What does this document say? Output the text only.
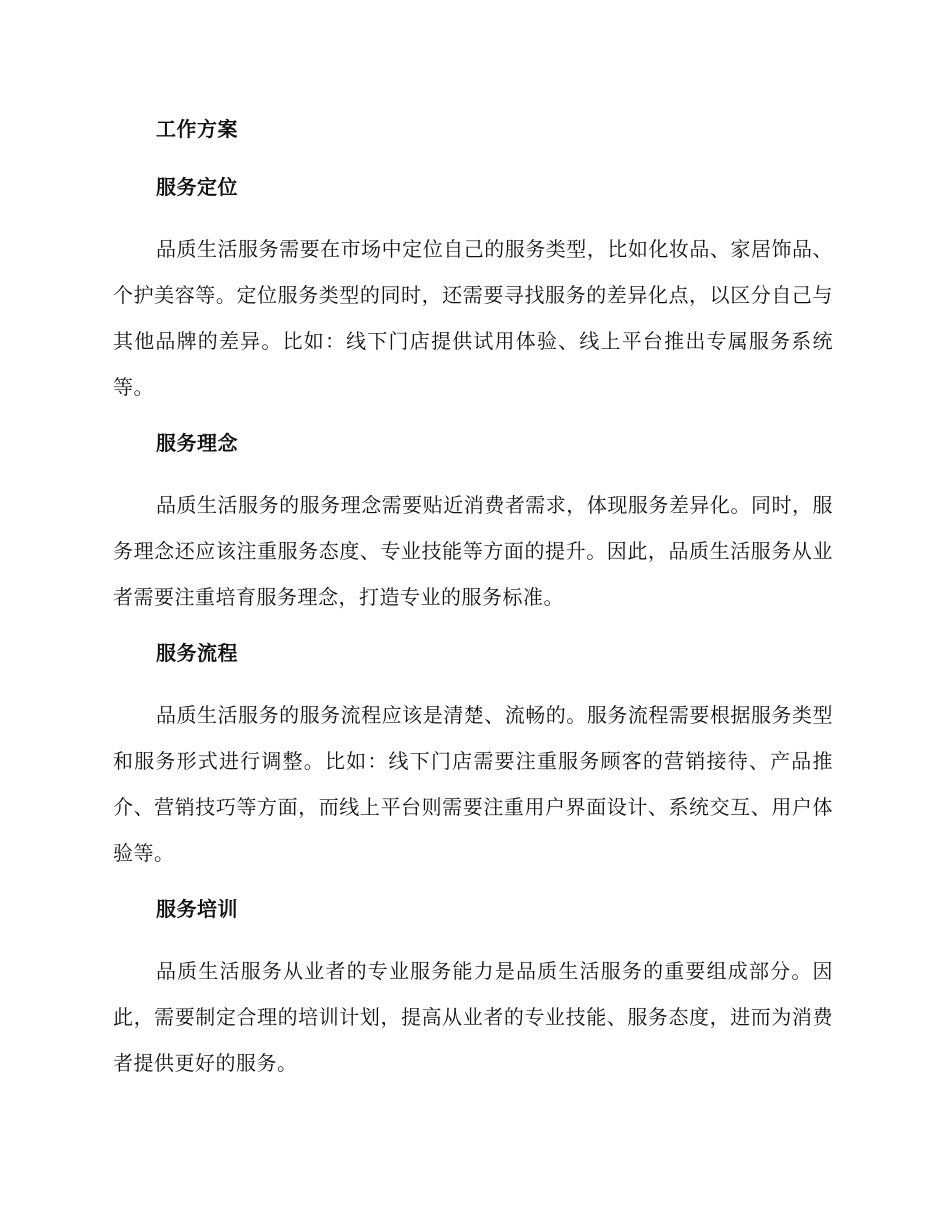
工作方案
服务定位

品质生活服务需要在市场中定位自己的服务类型，比如化妆品、家居饰品、个护美容等。定位服务类型的同时，还需要寻找服务的差异化点，以区分自己与其他品牌的差异。比如：线下门店提供试用体验、线上平台推出专属服务系统等。

服务理念

品质生活服务的服务理念需要贴近消费者需求，体现服务差异化。同时，服务理念还应该注重服务态度、专业技能等方面的提升。因此，品质生活服务从业者需要注重培育服务理念，打造专业的服务标准。

服务流程

品质生活服务的服务流程应该是清楚、流畅的。服务流程需要根据服务类型和服务形式进行调整。比如：线下门店需要注重服务顾客的营销接待、产品推介、营销技巧等方面，而线上平台则需要注重用户界面设计、系统交互、用户体验等。

服务培训

品质生活服务从业者的专业服务能力是品质生活服务的重要组成部分。因此，需要制定合理的培训计划，提高从业者的专业技能、服务态度，进而为消费者提供更好的服务。
